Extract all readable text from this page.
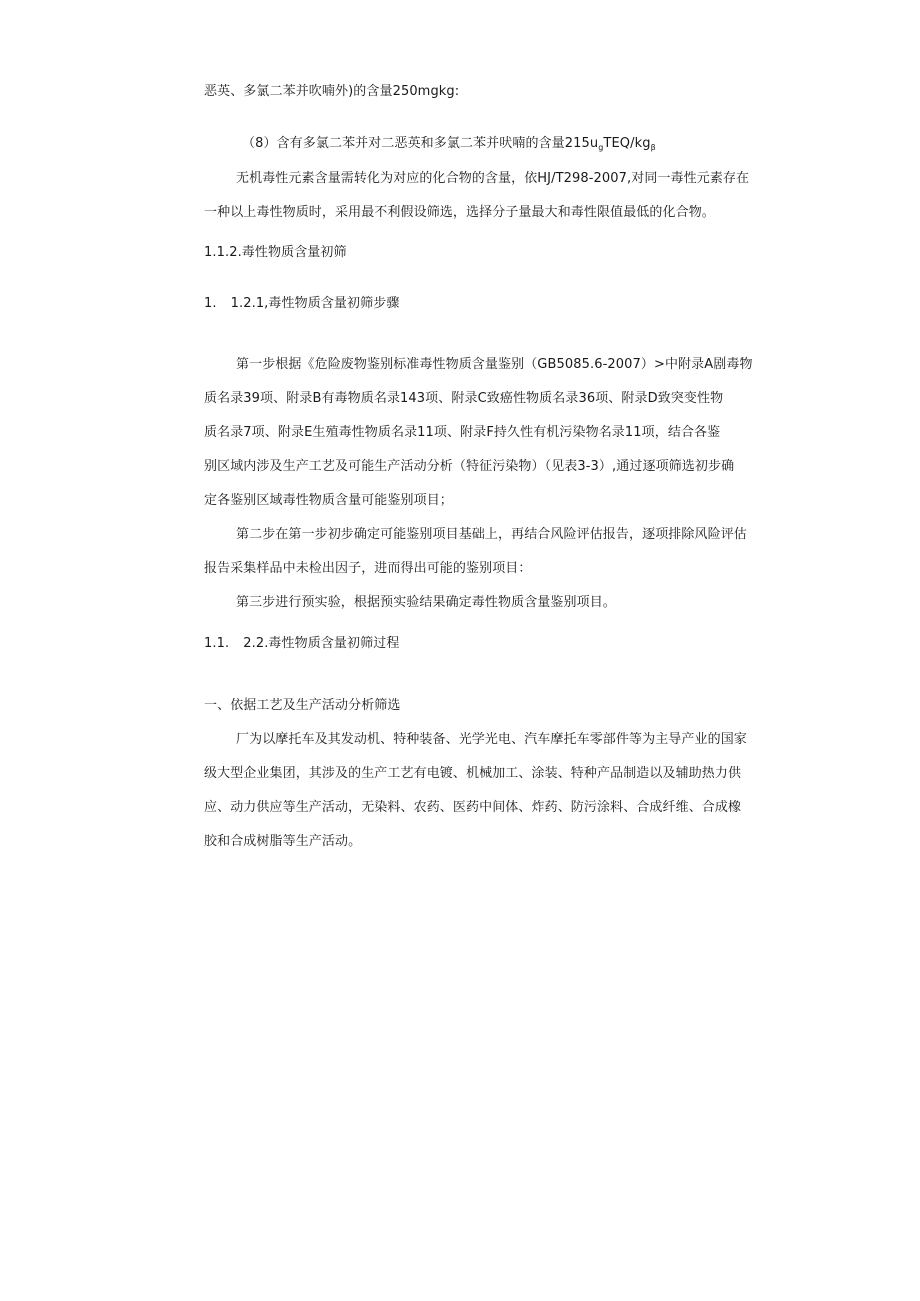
恶英、多氯二苯并吹喃外)的含量250mgkg:
（8）含有多氯二苯并对二恶英和多氯二苯并吠喃的含量$215u_gTEQ/kg_\beta$
无机毒性元素含量需转化为对应的化合物的含量，依HJ/T298-2007,对同一毒性元素存在
一种以上毒性物质时，采用最不利假设筛选，选择分子量最大和毒性限值最低的化合物。
1.1.2.毒性物质含量初筛
1. 1.2.1,毒性物质含量初筛步骤
第一步根据《危险废物鉴别标准毒性物质含量鉴别（GB5085.6-2007）>中附录A剧毒物
质名录39项、附录B有毒物质名录143项、附录C致癌性物质名录36项、附录D致突变性物
质名录7项、附录E生殖毒性物质名录11项、附录F持久性有机污染物名录11项，结合各鉴
别区域内涉及生产工艺及可能生产活动分析（特征污染物）（见表3-3）,通过逐项筛选初步确
定各鉴别区域毒性物质含量可能鉴别项目；
第二步在第一步初步确定可能鉴别项目基础上，再结合风险评估报告，逐项排除风险评估
报告采集样品中未检出因子，进而得出可能的鉴别项目：
第三步进行预实验，根据预实验结果确定毒性物质含量鉴别项目。
1.1. 2.2.毒性物质含量初筛过程
一、依据工艺及生产活动分析筛选
厂为以摩托车及其发动机、特种装备、光学光电、汽车摩托车零部件等为主导产业的国家
级大型企业集团，其涉及的生产工艺有电镀、机械加工、涂装、特种产品制造以及辅助热力供
应、动力供应等生产活动，无染料、农药、医药中间体、炸药、防污涂料、合成纤维、合成橡
胶和合成树脂等生产活动。
